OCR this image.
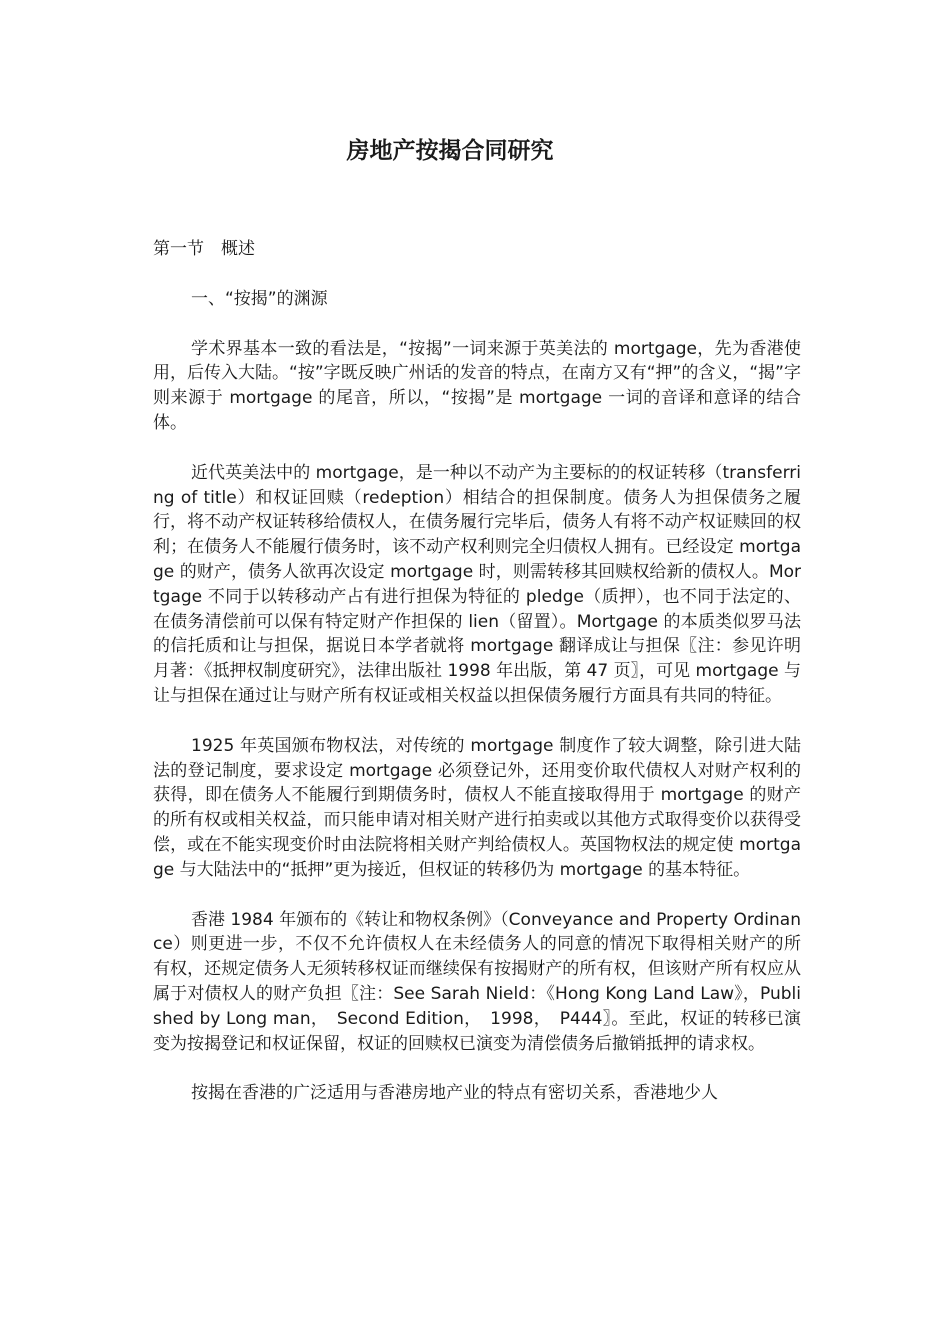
房地产按揭合同研究
第一节　概述
一、“按揭”的渊源

学术界基本一致的看法是，“按揭”一词来源于英美法的 mortgage，先为香港使用，后传入大陆。“按”字既反映广州话的发音的特点，在南方又有“押”的含义，“揭”字则来源于 mortgage 的尾音，所以，“按揭”是 mortgage 一词的音译和意译的结合体。

近代英美法中的 mortgage，是一种以不动产为主要标的的权证转移（transferring of title）和权证回赎（redeption）相结合的担保制度。债务人为担保债务之履行，将不动产权证转移给债权人，在债务履行完毕后，债务人有将不动产权证赎回的权利；在债务人不能履行债务时，该不动产权利则完全归债权人拥有。已经设定 mortgage 的财产，债务人欲再次设定 mortgage 时，则需转移其回赎权给新的债权人。Mortgage 不同于以转移动产占有进行担保为特征的 pledge（质押），也不同于法定的、在债务清偿前可以保有特定财产作担保的 lien（留置）。Mortgage 的本质类似罗马法的信托质和让与担保，据说日本学者就将 mortgage 翻译成让与担保〖注：参见许明月著：《抵押权制度研究》，法律出版社 1998 年出版，第 47 页〗，可见 mortgage 与让与担保在通过让与财产所有权证或相关权益以担保债务履行方面具有共同的特征。

1925 年英国颁布物权法，对传统的 mortgage 制度作了较大调整，除引进大陆法的登记制度，要求设定 mortgage 必须登记外，还用变价取代债权人对财产权利的获得，即在债务人不能履行到期债务时，债权人不能直接取得用于 mortgage 的财产的所有权或相关权益，而只能申请对相关财产进行拍卖或以其他方式取得变价以获得受偿，或在不能实现变价时由法院将相关财产判给债权人。英国物权法的规定使 mortgage 与大陆法中的“抵押”更为接近，但权证的转移仍为 mortgage 的基本特征。

香港 1984 年颁布的《转让和物权条例》（Conveyance and Property Ordinance）则更进一步，不仅不允许债权人在未经债务人的同意的情况下取得相关财产的所有权，还规定债务人无须转移权证而继续保有按揭财产的所有权，但该财产所有权应从属于对债权人的财产负担〖注：See Sarah Nield：《Hong Kong Land Law》，Published by Long man，　Second Edition，　1998，　P444〗。至此，权证的转移已演变为按揭登记和权证保留，权证的回赎权已演变为清偿债务后撤销抵押的请求权。

按揭在香港的广泛适用与香港房地产业的特点有密切关系，香港地少人
